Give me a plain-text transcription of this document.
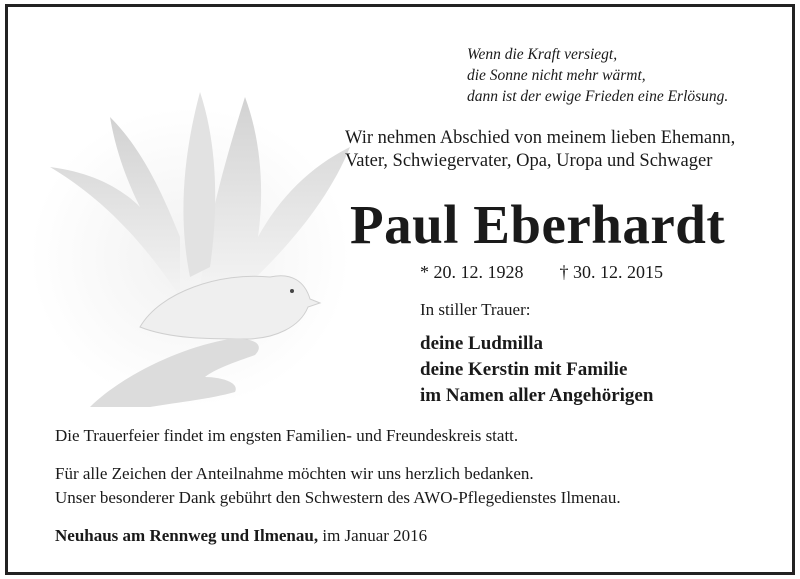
Wenn die Kraft versiegt,
die Sonne nicht mehr wärmt,
dann ist der ewige Frieden eine Erlösung.
Wir nehmen Abschied von meinem lieben Ehemann,
Vater, Schwiegervater, Opa, Uropa und Schwager
Paul Eberhardt
* 20. 12. 1928 † 30. 12. 2015
In stiller Trauer:
deine Ludmilla
deine Kerstin mit Familie
im Namen aller Angehörigen
Die Trauerfeier findet im engsten Familien- und Freundeskreis statt.
Für alle Zeichen der Anteilnahme möchten wir uns herzlich bedanken.
Unser besonderer Dank gebührt den Schwestern des AWO-Pflegedienstes Ilmenau.
Neuhaus am Rennweg und Ilmenau, im Januar 2016
